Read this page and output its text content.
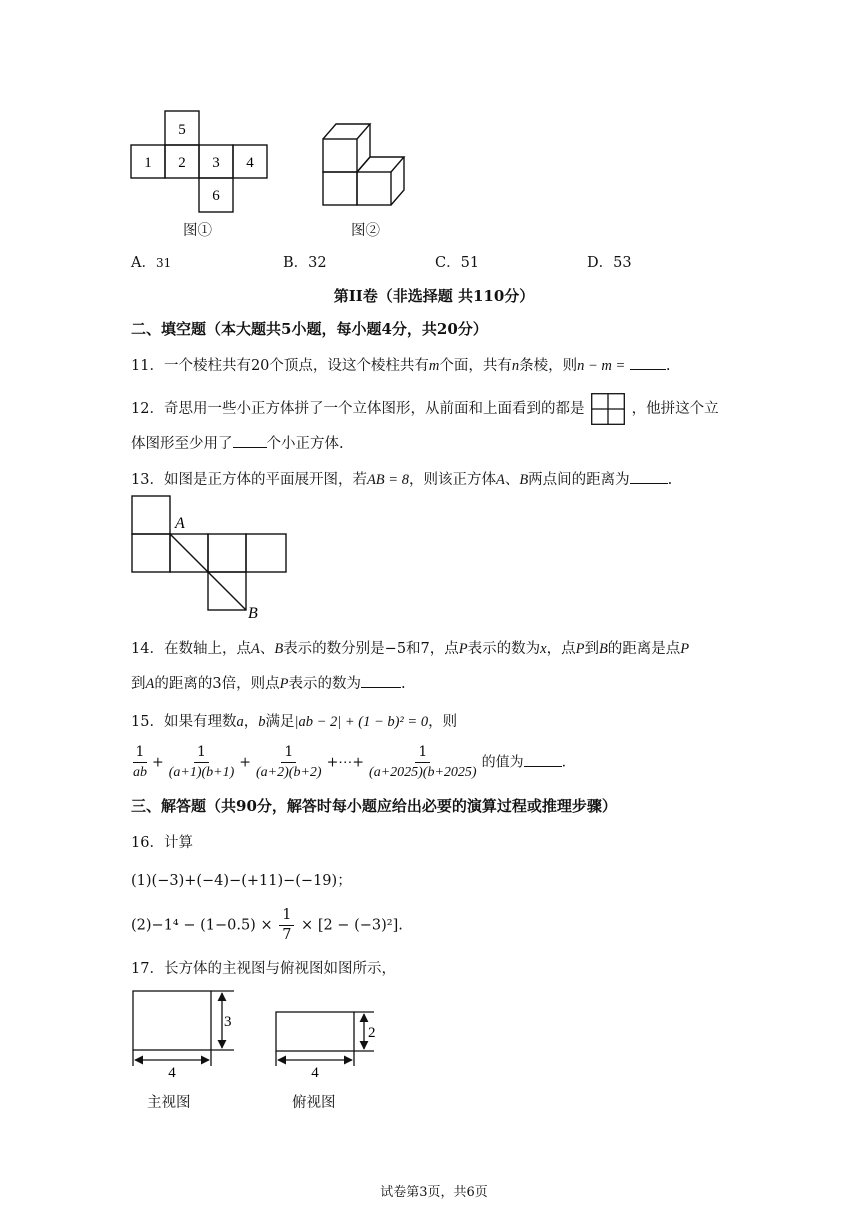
5
1 2 3 4
6
图①	图②
A．31	B．32	C．51	D．53
第II卷（非选择题 共110分）
二、填空题（本大题共5小题，每小题4分，共20分）
11．一个棱柱共有20个顶点，设这个棱柱共有m个面，共有n条棱，则n − m =	.
12．奇思用一些小正方体拼了一个立体图形，从前面和上面看到的都是	，他拼这个立
体图形至少用了 个小正方体.
13．如图是正方体的平面展开图，若AB = 8，则该正方体A、B两点间的距离为	.
A
B
14．在数轴上，点A、B表示的数分别是−5和7，点P表示的数为x，点P到B的距离是点P
到A的距离的3倍，则点P表示的数为	.
15．如果有理数a，b满足|ab − 2| + (1 − b)² = 0，则
$\frac{1}{ab} + \frac{1}{(a+1)(b+1)} + \frac{1}{(a+2)(b+2)}$ +⋯+ $\frac{1}{(a+2025)(b+2025)}$ 的值为	.
三、解答题（共90分，解答时每小题应给出必要的演算过程或推理步骤）
16．计算
(1)(−3)+(−4)−(+11)−(−19)；
$(2)-1^4 - (1-0.5) \times \frac{1}{7} \times [2 - (-3)^2]$.
17．长方体的主视图与俯视图如图所示，
3
4
2
4
主视图	俯视图
试卷第3页，共6页
